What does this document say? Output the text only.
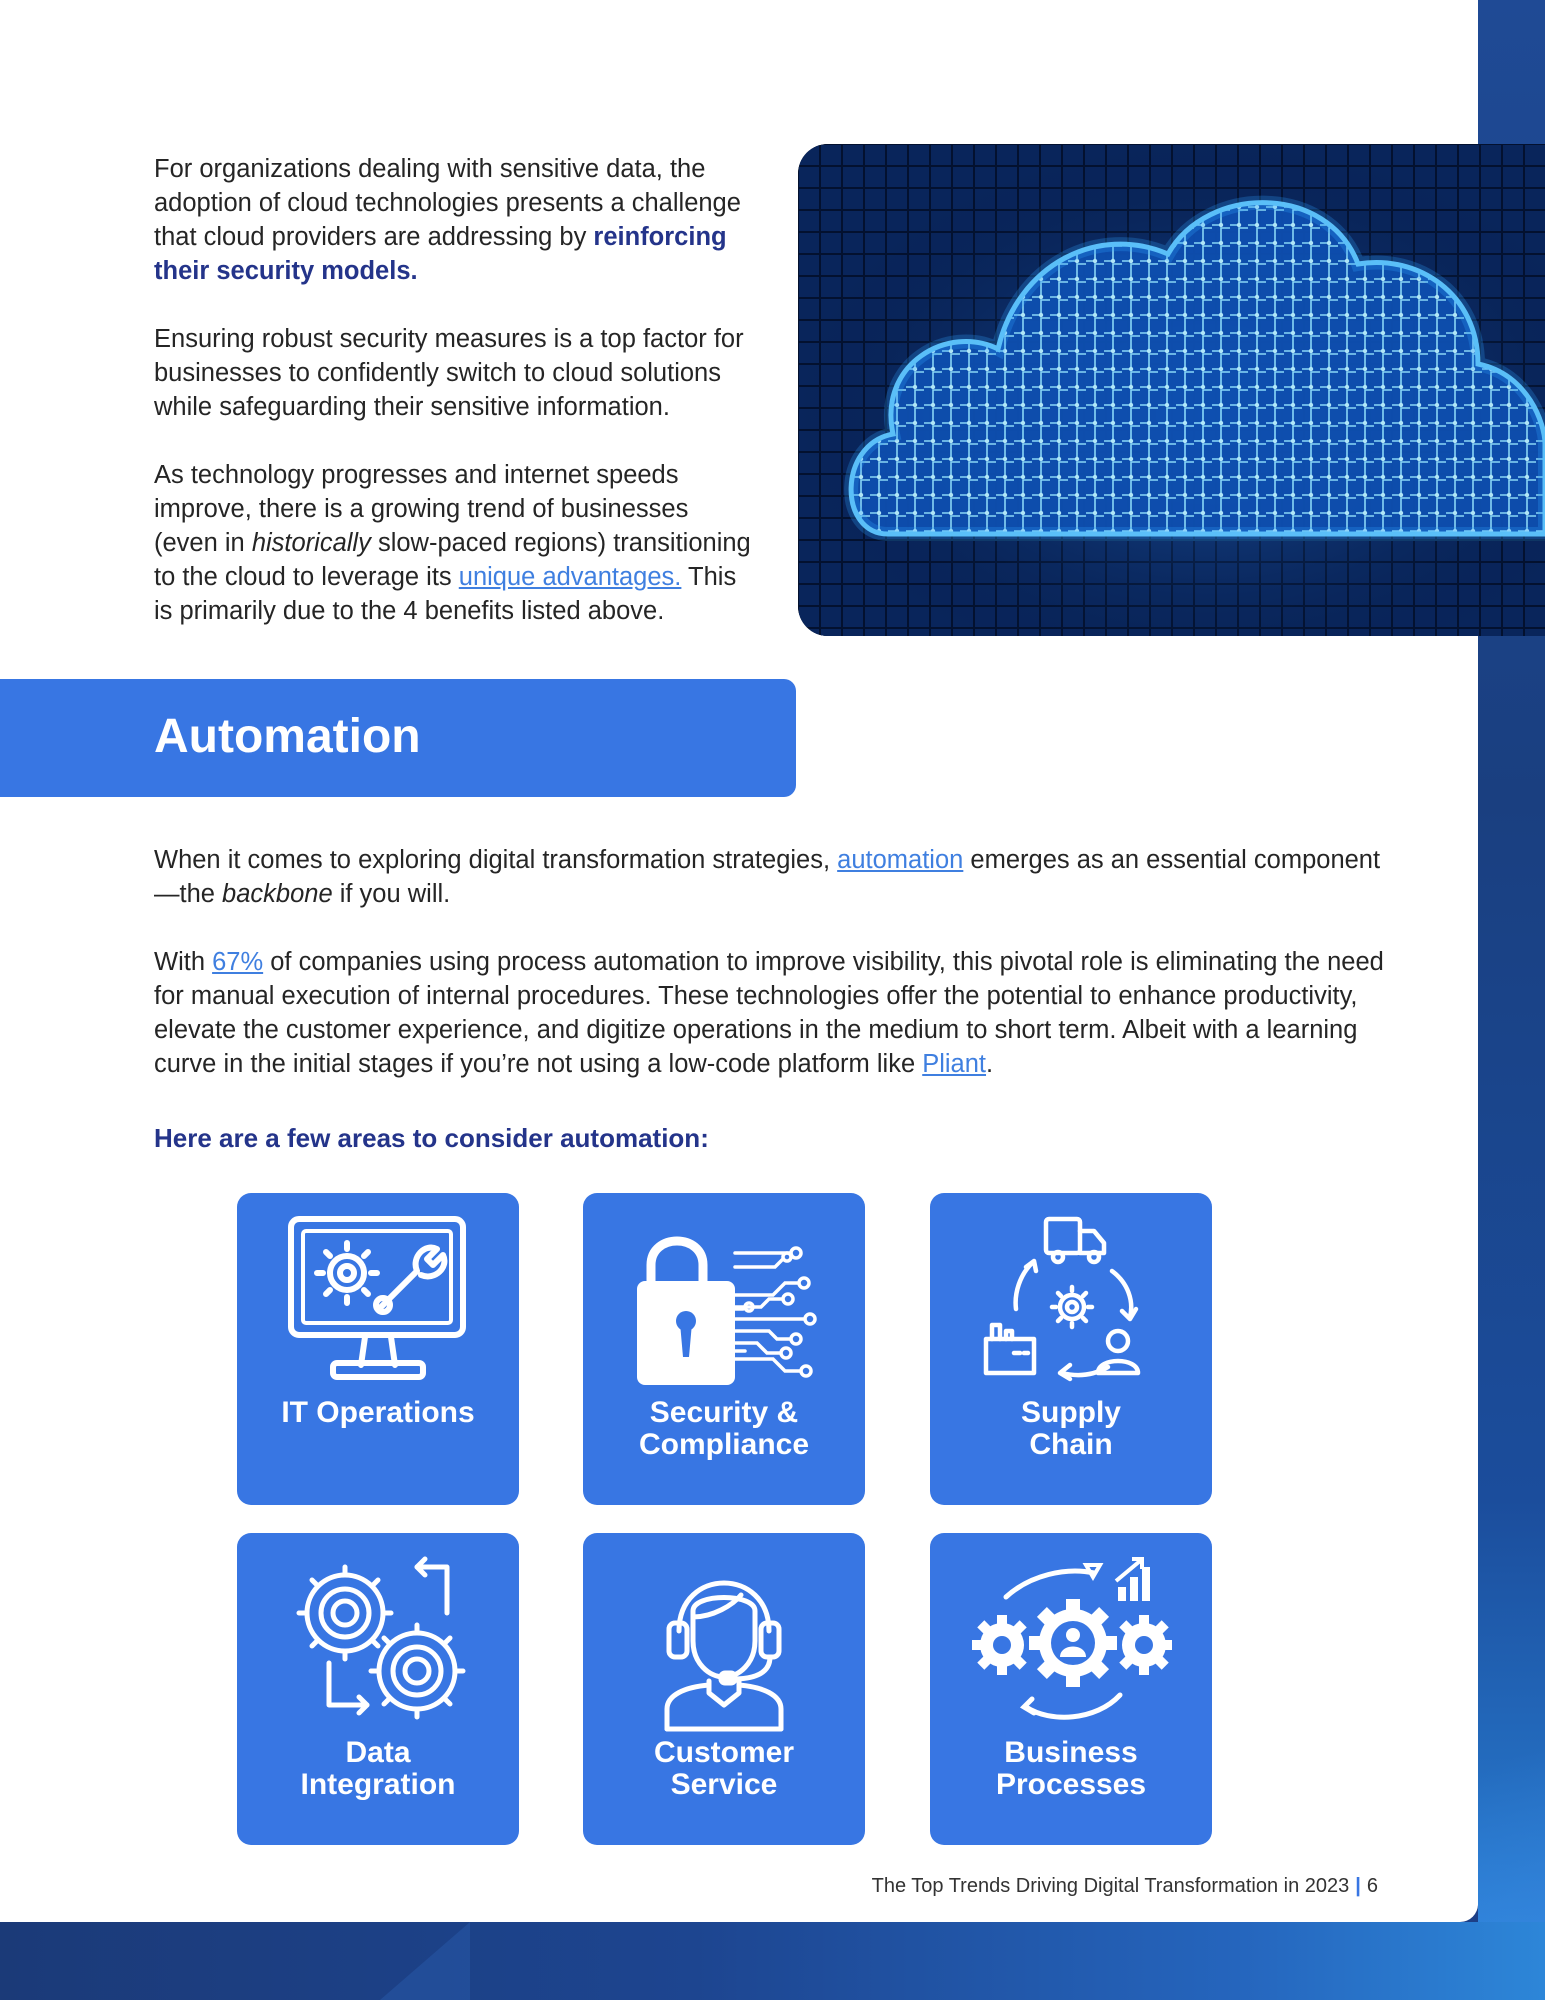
For organizations dealing with sensitive data, the adoption of cloud technologies presents a challenge that cloud providers are addressing by reinforcing their security models.

Ensuring robust security measures is a top factor for businesses to confidently switch to cloud solutions while safeguarding their sensitive information.

As technology progresses and internet speeds improve, there is a growing trend of businesses (even in historically slow-paced regions) transitioning to the cloud to leverage its unique advantages. This is primarily due to the 4 benefits listed above.

Automation

When it comes to exploring digital transformation strategies, automation emerges as an essential component —the backbone if you will.

With 67% of companies using process automation to improve visibility, this pivotal role is eliminating the need for manual execution of internal procedures. These technologies offer the potential to enhance productivity, elevate the customer experience, and digitize operations in the medium to short term. Albeit with a learning curve in the initial stages if you’re not using a low-code platform like Pliant.

Here are a few areas to consider automation:
IT Operations	Security &
Compliance
Supply
Chain
Data
Integration
Customer
Service
Business
Processes
The Top Trends Driving Digital Transformation in 2023 | 6
